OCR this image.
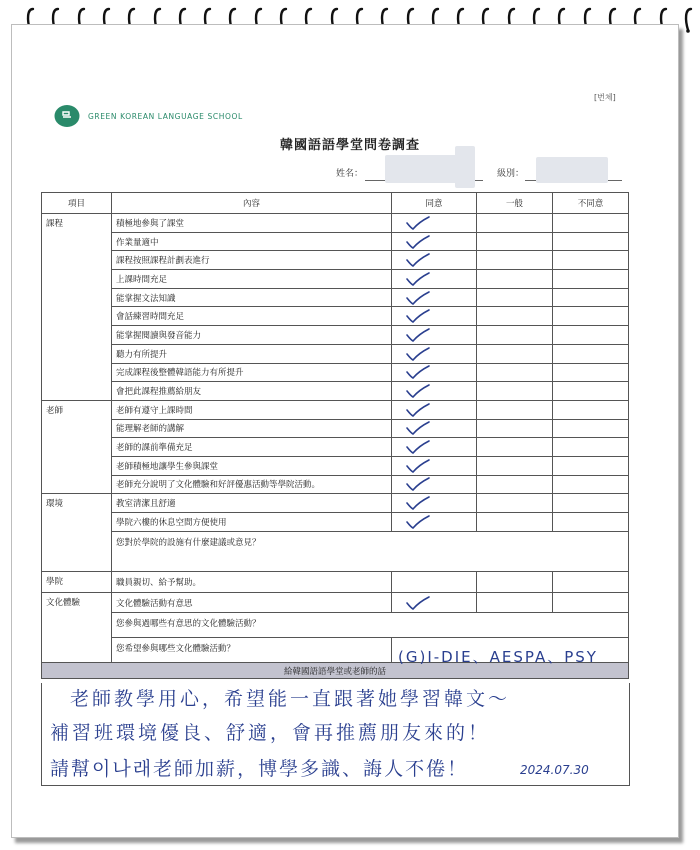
[번체]
GREEN KOREAN LANGUAGE SCHOOL
韓國語語學堂問卷調查
姓名：	級別：
項目	內容	同意	一般	不同意
課程	積極地參與了課堂	

	作業量適中	

	課程按照課程計劃表進行	

	上課時間充足	

	能掌握文法知識	

	會話練習時間充足	

	能掌握閱讀與發音能力	

	聽力有所提升	

	完成課程後整體韓語能力有所提升	

	會把此課程推薦給朋友	

老師	老師有遵守上課時間	

	能理解老師的講解	

	老師的課前準備充足	

	老師積極地讓學生參與課堂	

	老師充分說明了文化體驗和好評優惠活動等學院活動。	

環境	教室清潔且舒適	

	學院六樓的休息空間方便使用	

	您對於學院的設施有什麼建議或意見？			
學院	職員親切、給予幫助。			
文化體驗	文化體驗活動有意思	

	您參與過哪些有意思的文化體驗活動？			
	您希望參與哪些文化體驗活動？			
給韓國語語學堂或老師的話				
(G)I-DIE、AESPA、PSY
老師教學用心，希望能一直跟著她學習韓文～
補習班環境優良、舒適，會再推薦朋友來的！
請幫이나래老師加薪，博學多識、誨人不倦！	2024.07.30
